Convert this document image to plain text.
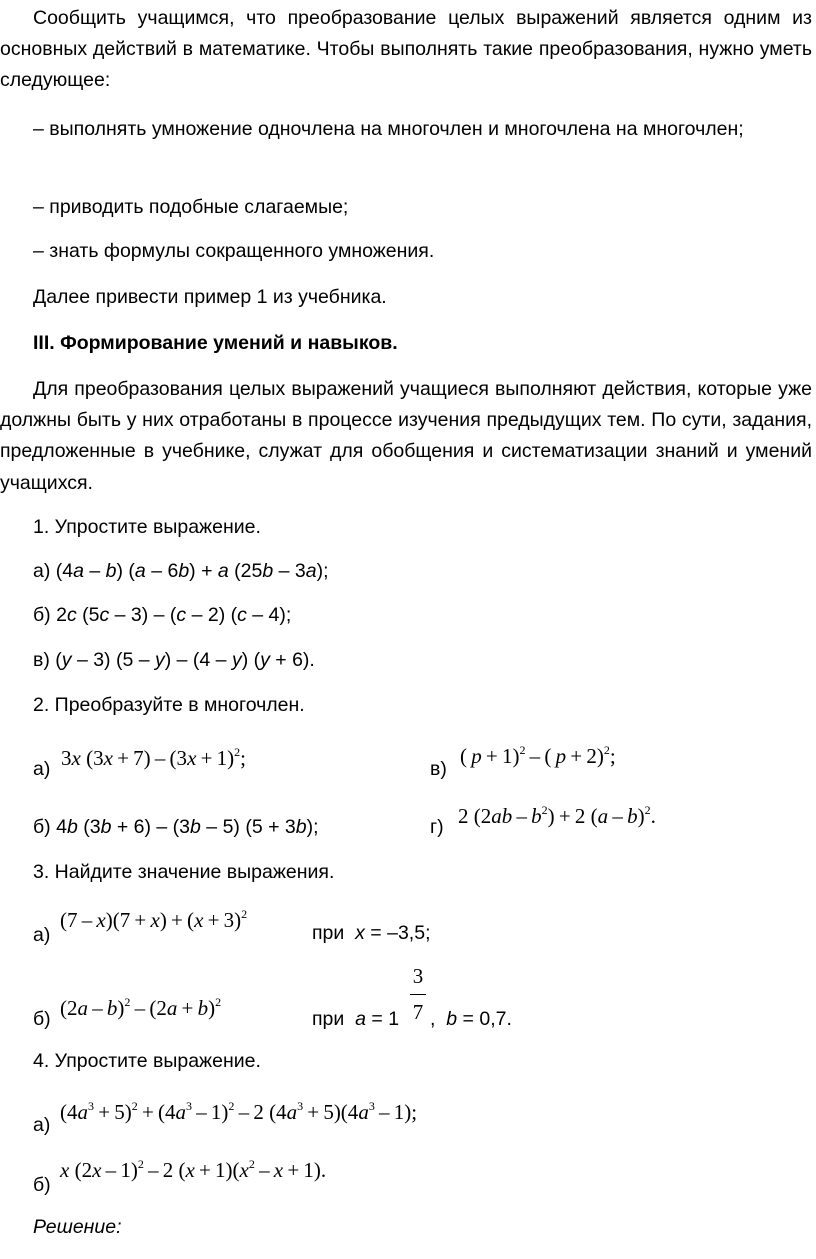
Сообщить учащимся, что преобразование целых выражений является одним из основных действий в математике. Чтобы выполнять такие преобразования, нужно уметь следующее:

– выполнять умножение одночлена на многочлен и многочлена на многочлен;

– приводить подобные слагаемые;

– знать формулы сокращенного умножения.

Далее привести пример 1 из учебника.

III. Формирование умений и навыков.

Для преобразования целых выражений учащиеся выполняют действия, которые уже должны быть у них отработаны в процессе изучения предыдущих тем. По сути, задания, предложенные в учебнике, служат для обобщения и систематизации знаний и умений учащихся.

1. Упростите выражение.

а) (4a – b) (a – 6b) + a (25b – 3a);

б) 2c (5c – 3) – (c – 2) (c – 4);

в) (y – 3) (5 – y) – (4 – y) (y + 6).

2. Преобразуйте в многочлен.

а) 3x $(3x + 7) - (3x + 1)^2$;	в)
( p + 1)$^2$ – ( p + 2)$^2$;

б) 4b (3b + 6) – (3b – 5) (5 + 3b);	г) 2 $(2ab - b^2) + 2$ (a – b)$^2$.

3. Найдите значение выражения.

а)
$(7 - x)(7 + x) + (x + 3)^2$
при  x = –3,5;
б) $(2a - b)^2 - (2a + b)^2$
при  a = 1
3
7 ,  b = 0,7.

4. Упростите выражение.

а)
$(4a^3 + 5)^2 + (4a^3 - 1)^2 - 2$ $(4a^3 + 5)(4a^3 - 1)$;
б)
x (2x – 1)$^2$ – 2 $(x + 1)(x^2 - x + 1)$.

Решение:
